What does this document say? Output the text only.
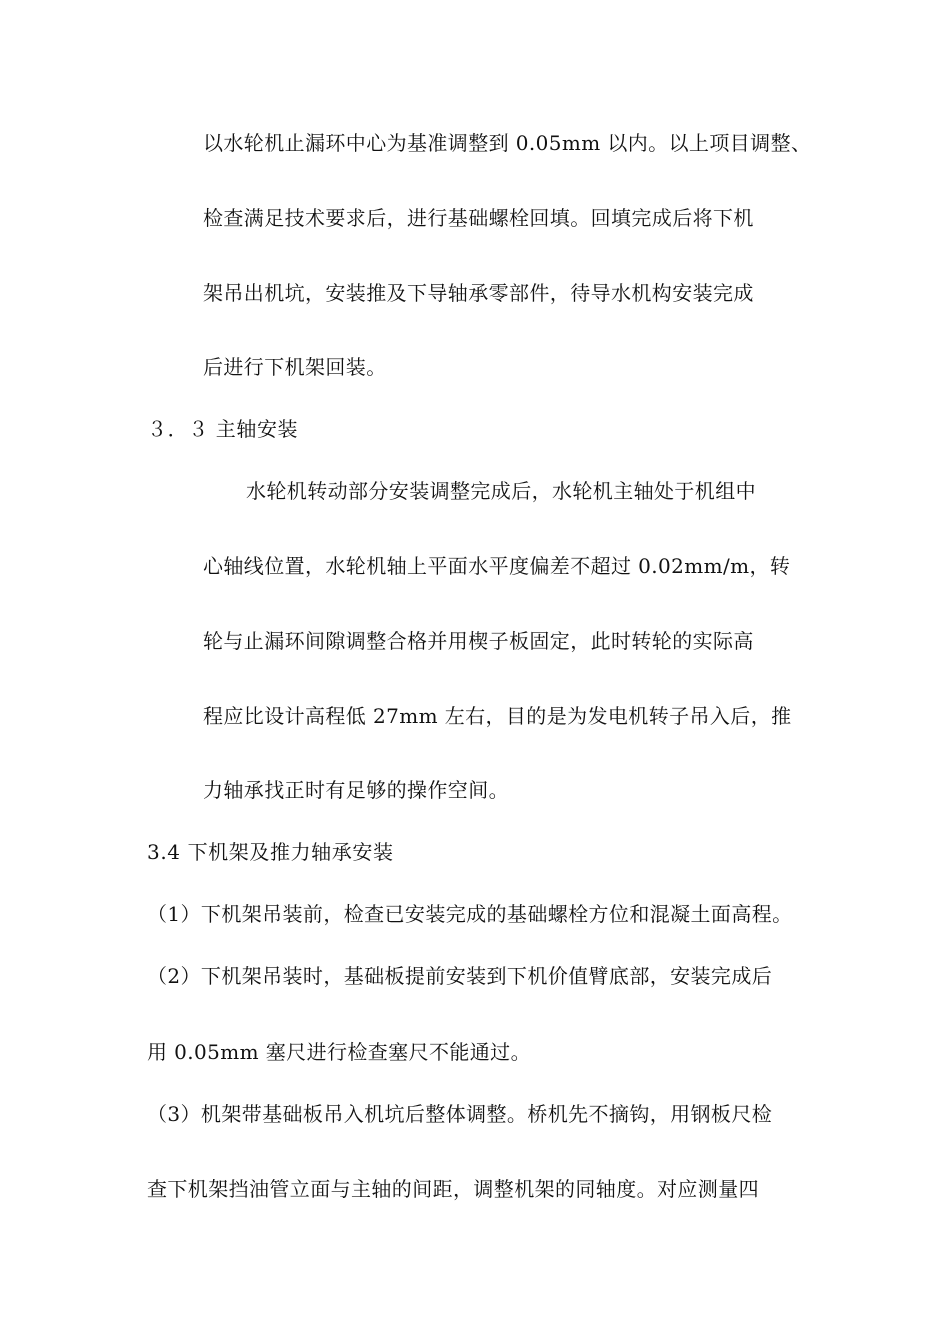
以水轮机止漏环中心为基准调整到 0.05mm 以内。以上项目调整、
检查满足技术要求后，进行基础螺栓回填。回填完成后将下机
架吊出机坑，安装推及下导轴承零部件，待导水机构安装完成
后进行下机架回装。
３．３ 主轴安装
水轮机转动部分安装调整完成后，水轮机主轴处于机组中
心轴线位置，水轮机轴上平面水平度偏差不超过 0.02mm/m，转
轮与止漏环间隙调整合格并用楔子板固定，此时转轮的实际高
程应比设计高程低 27mm 左右，目的是为发电机转子吊入后，推
力轴承找正时有足够的操作空间。
3.4 下机架及推力轴承安装
（1）下机架吊装前，检查已安装完成的基础螺栓方位和混凝土面高程。
（2）下机架吊装时，基础板提前安装到下机价值臂底部，安装完成后
用 0.05mm 塞尺进行检查塞尺不能通过。
（3）机架带基础板吊入机坑后整体调整。桥机先不摘钩，用钢板尺检
查下机架挡油管立面与主轴的间距，调整机架的同轴度。对应测量四
